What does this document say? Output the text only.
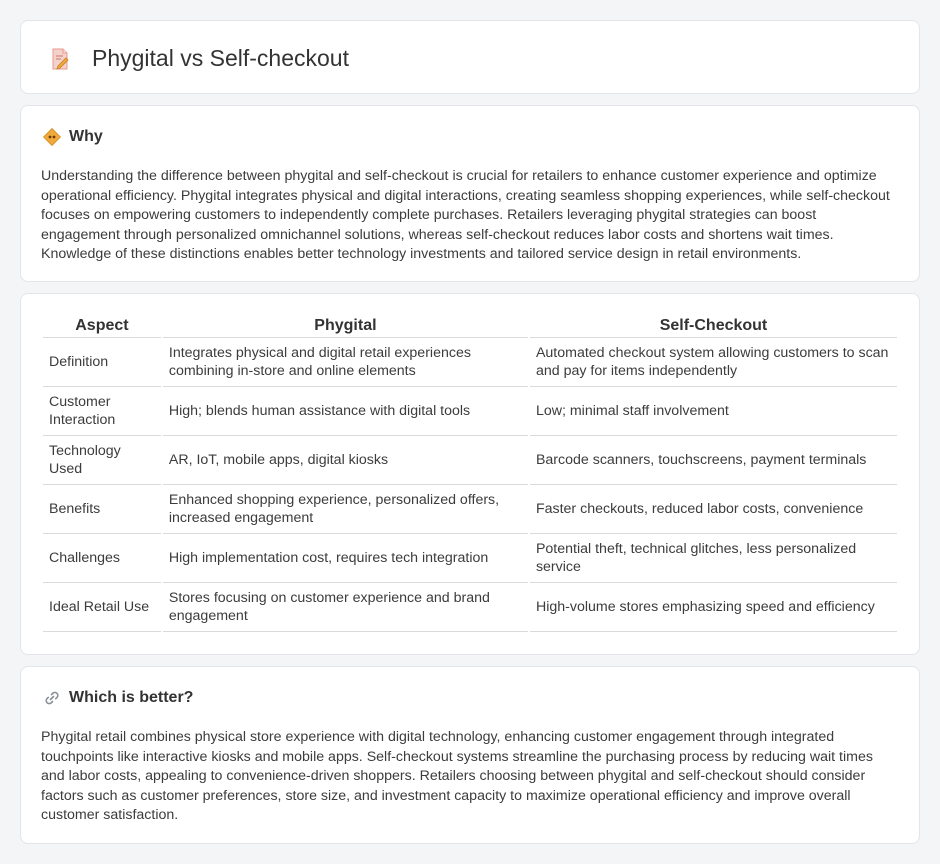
Phygital vs Self-checkout
Why

Understanding the difference between phygital and self-checkout is crucial for retailers to enhance customer experience and optimize operational efficiency. Phygital integrates physical and digital interactions, creating seamless shopping experiences, while self-checkout focuses on empowering customers to independently complete purchases. Retailers leveraging phygital strategies can boost engagement through personalized omnichannel solutions, whereas self-checkout reduces labor costs and shortens wait times. Knowledge of these distinctions enables better technology investments and tailored service design in retail environments.

Aspect	Phygital	Self-Checkout
Definition	Integrates physical and digital retail experiences combining in-store and online elements	Automated checkout system allowing customers to scan and pay for items independently
Customer Interaction	High; blends human assistance with digital tools	Low; minimal staff involvement
Technology Used	AR, IoT, mobile apps, digital kiosks	Barcode scanners, touchscreens, payment terminals
Benefits	Enhanced shopping experience, personalized offers, increased engagement	Faster checkouts, reduced labor costs, convenience
Challenges	High implementation cost, requires tech integration	Potential theft, technical glitches, less personalized service
Ideal Retail Use	Stores focusing on customer experience and brand engagement	High-volume stores emphasizing speed and efficiency
Which is better?

Phygital retail combines physical store experience with digital technology, enhancing customer engagement through integrated touchpoints like interactive kiosks and mobile apps. Self-checkout systems streamline the purchasing process by reducing wait times and labor costs, appealing to convenience-driven shoppers. Retailers choosing between phygital and self-checkout should consider factors such as customer preferences, store size, and investment capacity to maximize operational efficiency and improve overall customer satisfaction.
